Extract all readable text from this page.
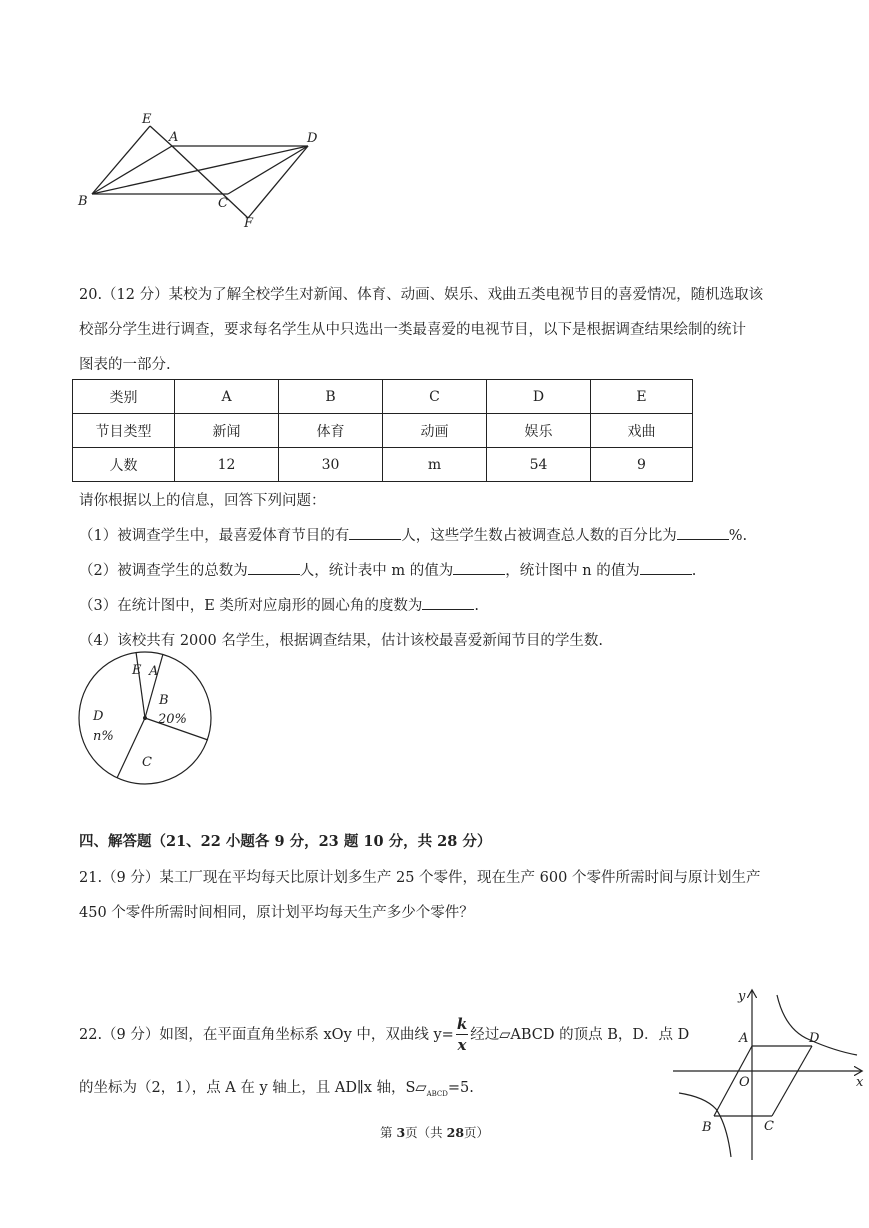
E
A	D
B	C
F
20.（12 分）某校为了解全校学生对新闻、体育、动画、娱乐、戏曲五类电视节目的喜爱情况，随机选取该
校部分学生进行调查，要求每名学生从中只选出一类最喜爱的电视节目，以下是根据调查结果绘制的统计
图表的一部分.
类别	A	B	C	D	E
节目类型	新闻	体育	动画	娱乐	戏曲
人数	12	30	m	54	9
请你根据以上的信息，回答下列问题：
（1）被调查学生中，最喜爱体育节目的有	人，这些学生数占被调查总人数的百分比为	%.
（2）被调查学生的总数为	人，统计表中 m 的值为	，统计图中 n 的值为	.
（3）在统计图中，E 类所对应扇形的圆心角的度数为	.
（4）该校共有 2000 名学生，根据调查结果，估计该校最喜爱新闻节目的学生数.
E A
B
20%
D
n%
C
四、解答题（21、22 小题各 9 分，23 题 10 分，共 28 分）
21.（9 分）某工厂现在平均每天比原计划多生产 25 个零件，现在生产 600 个零件所需时间与原计划生产
450 个零件所需时间相同，原计划平均每天生产多少个零件？
22.（9 分）如图，在平面直角坐标系 xOy 中，双曲线 $y= \frac{k}{x}$ 经过▱ABCD 的顶点 B，D．点 D
的坐标为（2，1），点 A 在 y 轴上，且 AD∥x 轴，$S▱_{ABCD}=5$.
y
x
A	D
O
B	C
第 3页（共 28页）
